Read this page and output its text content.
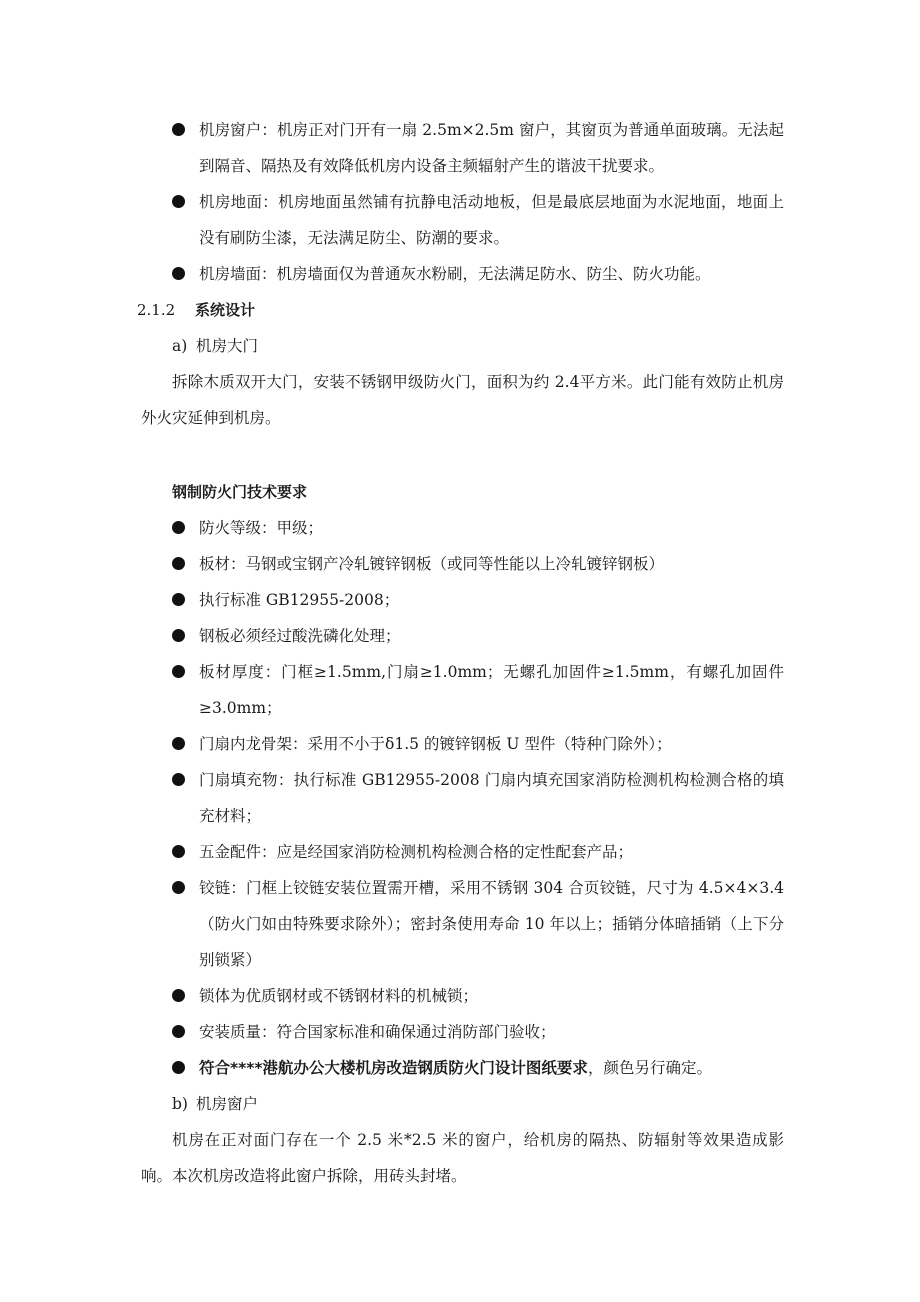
机房窗户：机房正对门开有一扇 2.5m×2.5m 窗户，其窗页为普通单面玻璃。无法起到隔音、隔热及有效降低机房内设备主频辐射产生的谐波干扰要求。
机房地面：机房地面虽然铺有抗静电活动地板，但是最底层地面为水泥地面，地面上没有刷防尘漆，无法满足防尘、防潮的要求。
机房墙面：机房墙面仅为普通灰水粉刷，无法满足防水、防尘、防火功能。
2.1.2 系统设计
a) 机房大门
拆除木质双开大门，安装不锈钢甲级防火门，面积为约 2.4平方米。此门能有效防止机房外火灾延伸到机房。
钢制防火门技术要求
防火等级：甲级；
板材：马钢或宝钢产冷轧镀锌钢板（或同等性能以上冷轧镀锌钢板）
执行标准 GB12955-2008；
钢板必须经过酸洗磷化处理；
板材厚度：门框≥1.5mm,门扇≥1.0mm；无螺孔加固件≥1.5mm，有螺孔加固件≥3.0mm；
门扇内龙骨架：采用不小于δ1.5 的镀锌钢板 U 型件（特种门除外）；
门扇填充物：执行标准 GB12955-2008 门扇内填充国家消防检测机构检测合格的填充材料；
五金配件：应是经国家消防检测机构检测合格的定性配套产品；
铰链：门框上铰链安装位置需开槽，采用不锈钢 304 合页铰链，尺寸为 4.5×4×3.4（防火门如由特殊要求除外）；密封条使用寿命 10 年以上；插销分体暗插销（上下分别锁紧）
锁体为优质钢材或不锈钢材料的机械锁；
安装质量：符合国家标准和确保通过消防部门验收；
符合****港航办公大楼机房改造钢质防火门设计图纸要求，颜色另行确定。
b) 机房窗户
机房在正对面门存在一个 2.5 米*2.5 米的窗户，给机房的隔热、防辐射等效果造成影响。本次机房改造将此窗户拆除，用砖头封堵。
